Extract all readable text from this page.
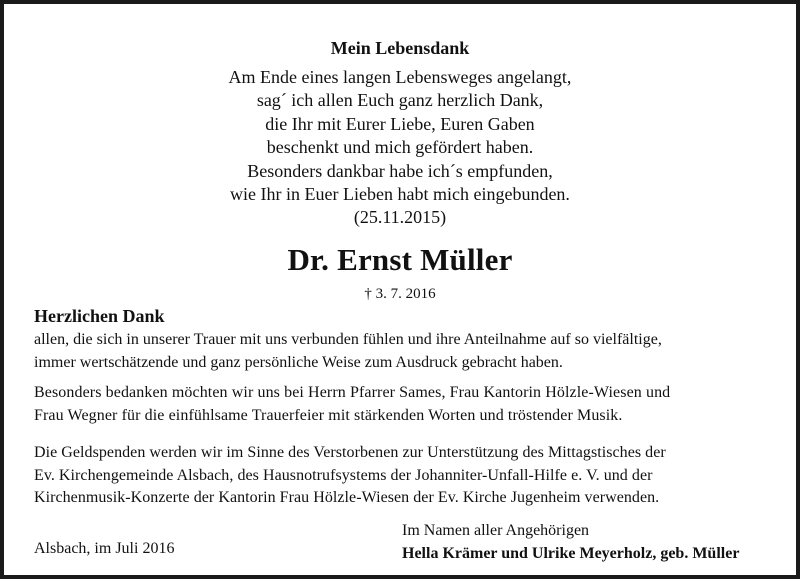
Mein Lebensdank
Am Ende eines langen Lebensweges angelangt,
sag´ ich allen Euch ganz herzlich Dank,
die Ihr mit Eurer Liebe, Euren Gaben
beschenkt und mich gefördert haben.
Besonders dankbar habe ich´s empfunden,
wie Ihr in Euer Lieben habt mich eingebunden.
(25.11.2015)
Dr. Ernst Müller
† 3. 7. 2016
Herzlichen Dank
allen, die sich in unserer Trauer mit uns verbunden fühlen und ihre Anteilnahme auf so vielfältige,
immer wertschätzende und ganz persönliche Weise zum Ausdruck gebracht haben.
Besonders bedanken möchten wir uns bei Herrn Pfarrer Sames, Frau Kantorin Hölzle-Wiesen und
Frau Wegner für die einfühlsame Trauerfeier mit stärkenden Worten und tröstender Musik.
Die Geldspenden werden wir im Sinne des Verstorbenen zur Unterstützung des Mittagstisches der
Ev. Kirchengemeinde Alsbach, des Hausnotrufsystems der Johanniter-Unfall-Hilfe e. V. und der
Kirchenmusik-Konzerte der Kantorin Frau Hölzle-Wiesen der Ev. Kirche Jugenheim verwenden.
Alsbach, im Juli 2016
Im Namen aller Angehörigen
Hella Krämer und Ulrike Meyerholz, geb. Müller
